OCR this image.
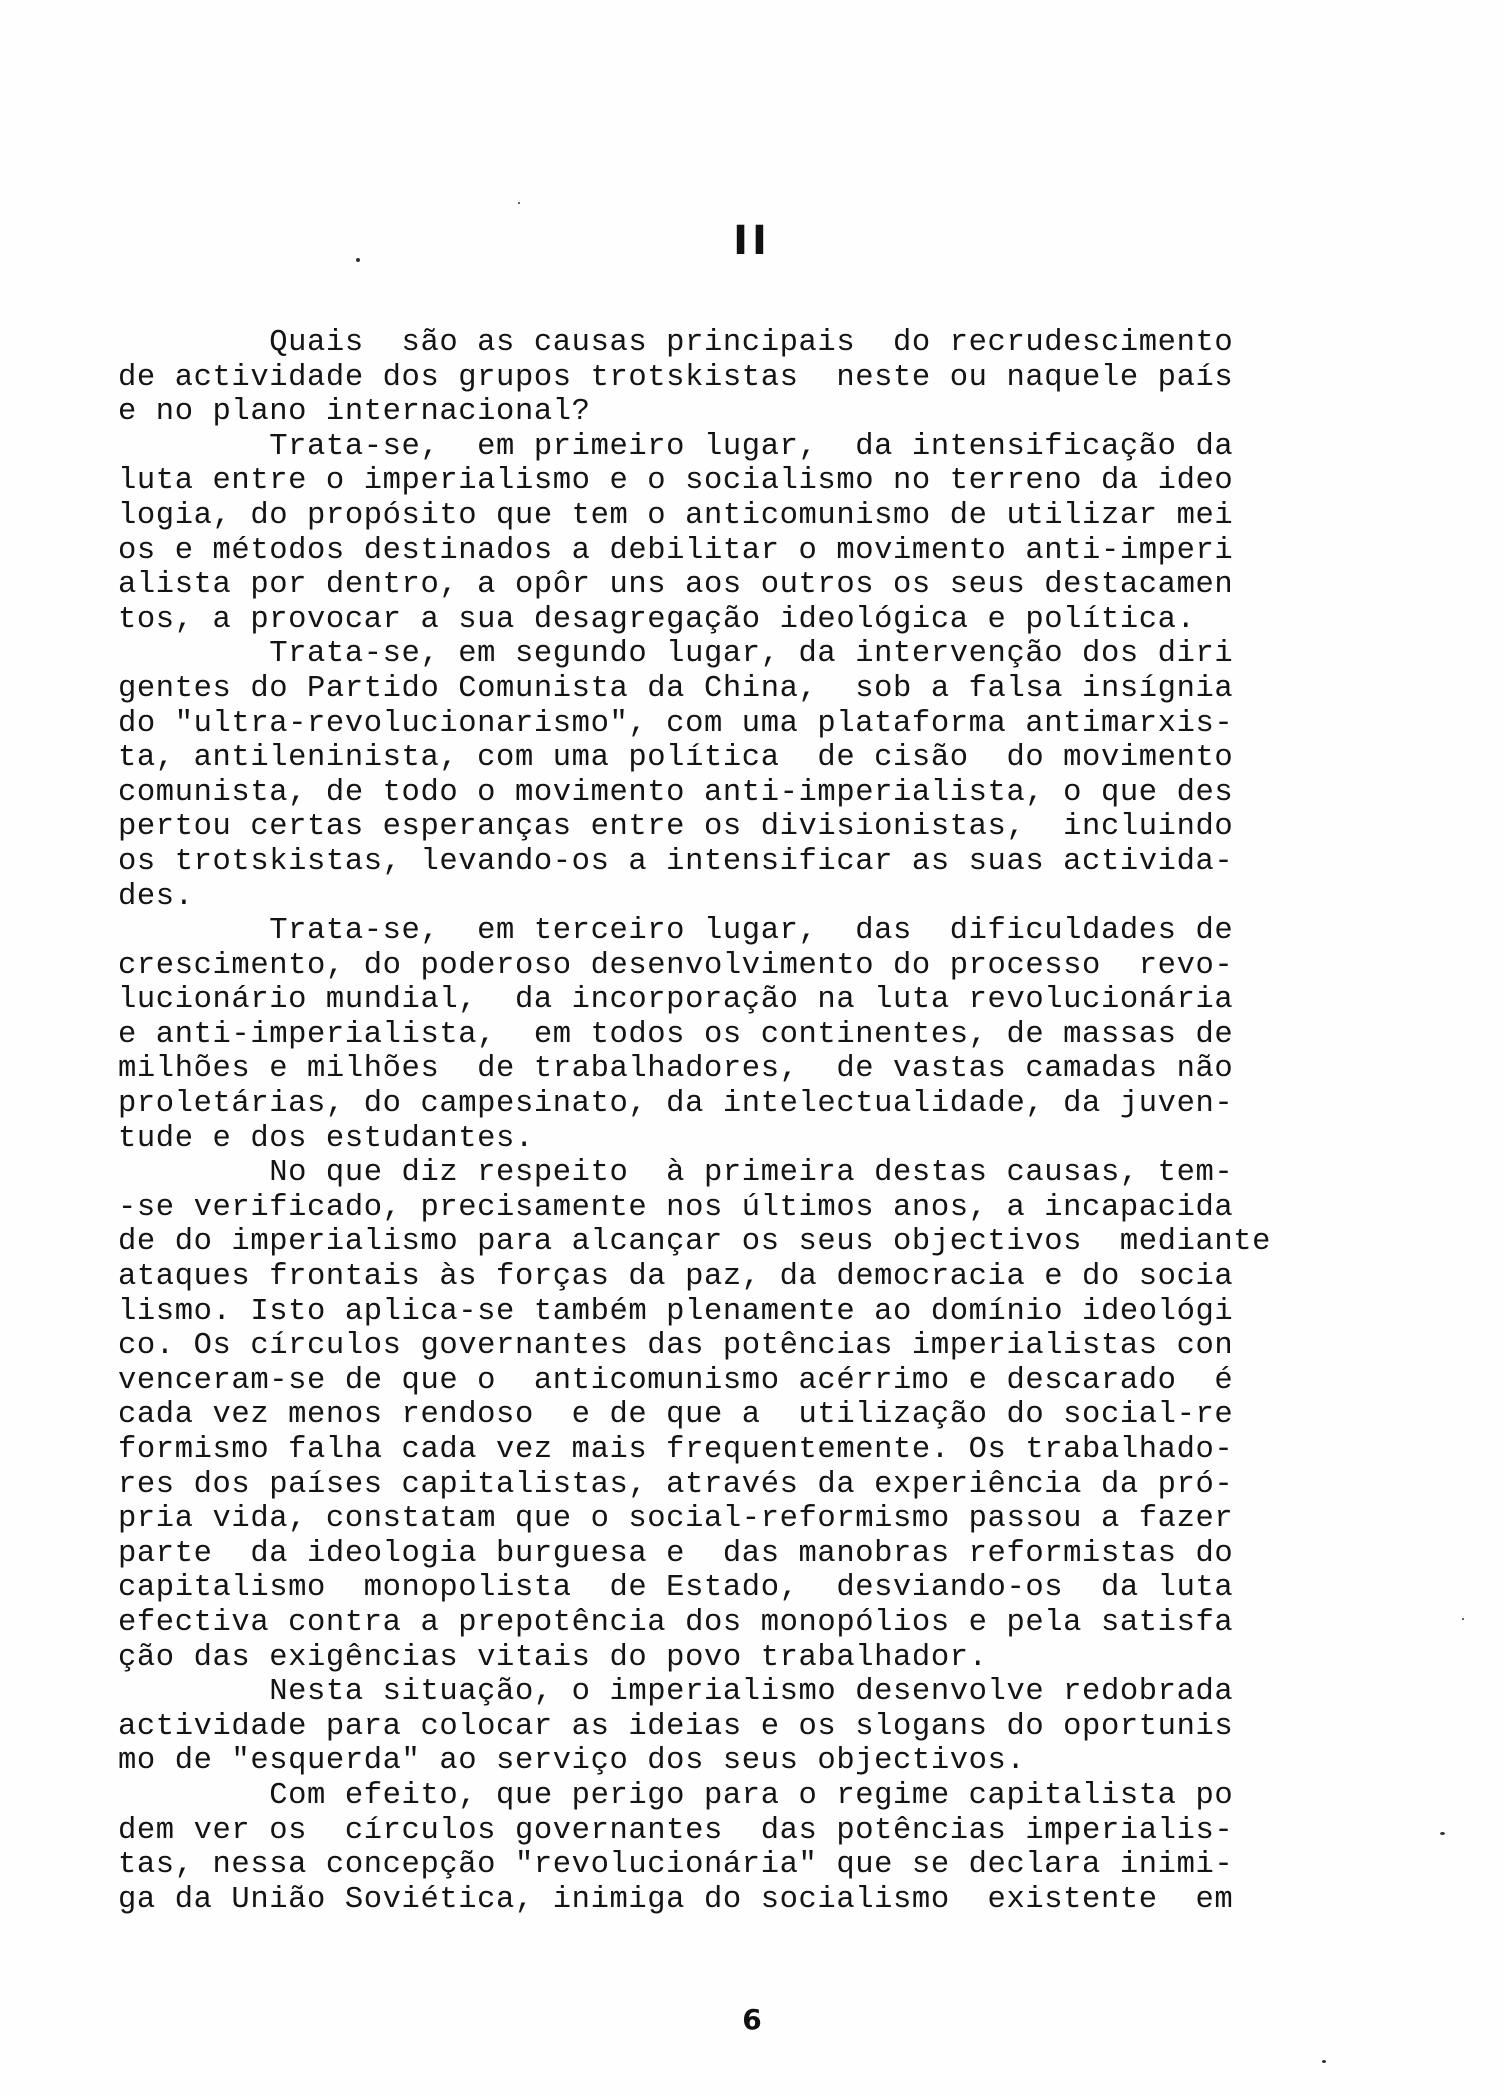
II
Quais  são as causas principais  do recrudescimento
de actividade dos grupos trotskistas  neste ou naquele país
e no plano internacional?
Trata-se,  em primeiro lugar,  da intensificação da
luta entre o imperialismo e o socialismo no terreno da ideo
logia, do propósito que tem o anticomunismo de utilizar mei
os e métodos destinados a debilitar o movimento anti-imperi
alista por dentro, a opôr uns aos outros os seus destacamen
tos, a provocar a sua desagregação ideológica e política.
Trata-se, em segundo lugar, da intervenção dos diri
gentes do Partido Comunista da China,  sob a falsa insígnia
do "ultra-revolucionarismo", com uma plataforma antimarxis-
ta, antileninista, com uma política  de cisão  do movimento
comunista, de todo o movimento anti-imperialista, o que des
pertou certas esperanças entre os divisionistas,  incluindo
os trotskistas, levando-os a intensificar as suas activida-
des.
Trata-se,  em terceiro lugar,  das  dificuldades de
crescimento, do poderoso desenvolvimento do processo  revo-
lucionário mundial,  da incorporação na luta revolucionária
e anti-imperialista,  em todos os continentes, de massas de
milhões e milhões  de trabalhadores,  de vastas camadas não
proletárias, do campesinato, da intelectualidade, da juven-
tude e dos estudantes.
No que diz respeito  à primeira destas causas, tem-
-se verificado, precisamente nos últimos anos, a incapacida
de do imperialismo para alcançar os seus objectivos  mediante
ataques frontais às forças da paz, da democracia e do socia
lismo. Isto aplica-se também plenamente ao domínio ideológi
co. Os círculos governantes das potências imperialistas con
venceram-se de que o  anticomunismo acérrimo e descarado  é
cada vez menos rendoso  e de que a  utilização do social-re
formismo falha cada vez mais frequentemente. Os trabalhado-
res dos países capitalistas, através da experiência da pró-
pria vida, constatam que o social-reformismo passou a fazer
parte  da ideologia burguesa e  das manobras reformistas do
capitalismo  monopolista  de Estado,  desviando-os  da luta
efectiva contra a prepotência dos monopólios e pela satisfa
ção das exigências vitais do povo trabalhador.
Nesta situação, o imperialismo desenvolve redobrada
actividade para colocar as ideias e os slogans do oportunis
mo de "esquerda" ao serviço dos seus objectivos.
Com efeito, que perigo para o regime capitalista po
dem ver os  círculos governantes  das potências imperialis-
tas, nessa concepção "revolucionária" que se declara inimi-
ga da União Soviética, inimiga do socialismo  existente  em
6
